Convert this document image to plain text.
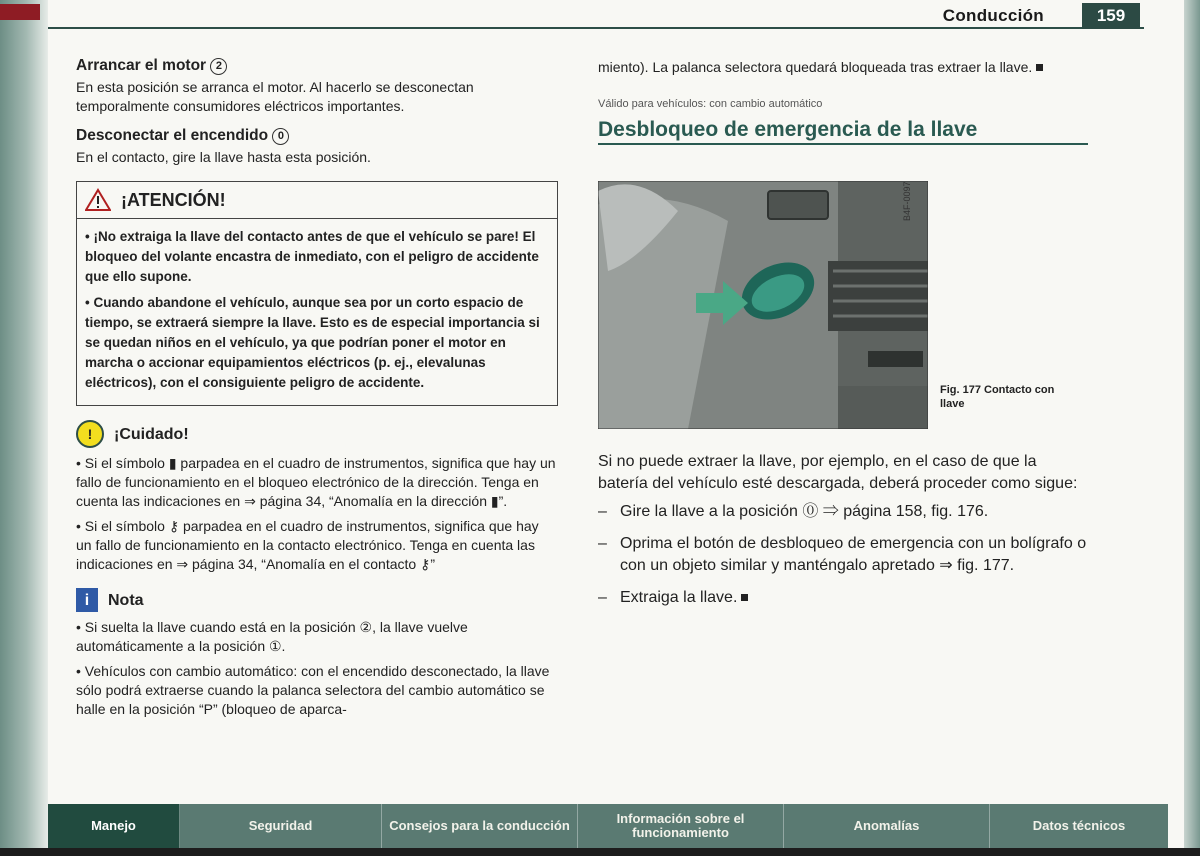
Conducción	159
Arrancar el motor 2

En esta posición se arranca el motor. Al hacerlo se desconectan temporalmente consumidores eléctricos importantes.

Desconectar el encendido 0

En el contacto, gire la llave hasta esta posición.

¡ATENCIÓN!

• ¡No extraiga la llave del contacto antes de que el vehículo se pare! El bloqueo del volante encastra de inmediato, con el peligro de accidente que ello supone.

• Cuando abandone el vehículo, aunque sea por un corto espacio de tiempo, se extraerá siempre la llave. Esto es de especial importancia si se quedan niños en el vehículo, ya que podrían poner el motor en marcha o accionar equipamientos eléctricos (p. ej., elevalunas eléctricos), con el consiguiente peligro de accidente.

!	¡Cuidado!

• Si el símbolo ▮ parpadea en el cuadro de instrumentos, significa que hay un fallo de funcionamiento en el bloqueo electrónico de la dirección. Tenga en cuenta las indicaciones en ⇒ página 34, “Anomalía en la dirección ▮”.

• Si el símbolo ⚷ parpadea en el cuadro de instrumentos, significa que hay un fallo de funcionamiento en la contacto electrónico. Tenga en cuenta las indicaciones en ⇒ página 34, “Anomalía en el contacto ⚷”

i	Nota

• Si suelta la llave cuando está en la posición ②, la llave vuelve automáticamente a la posición ①.

• Vehículos con cambio automático: con el encendido desconectado, la llave sólo podrá extraerse cuando la palanca selectora del cambio automático se halle en la posición “P” (bloqueo de aparca-

miento). La palanca selectora quedará bloqueada tras extraer la llave.

Válido para vehículos: con cambio automático
Desbloqueo de emergencia de la llave
Fig. 177 Contacto con
llave

Si no puede extraer la llave, por ejemplo, en el caso de que la batería del vehículo esté descargada, deberá proceder como sigue:

– Gire la llave a la posición ⓪ ⇒ página 158, fig. 176.
– Oprima el botón de desbloqueo de emergencia con un bolígrafo o con un objeto similar y manténgalo apretado ⇒ fig. 177.
– Extraiga la llave.
Manejo	Seguridad	Consejos para la conducción	Información sobre el funcionamiento	Anomalías	Datos técnicos
